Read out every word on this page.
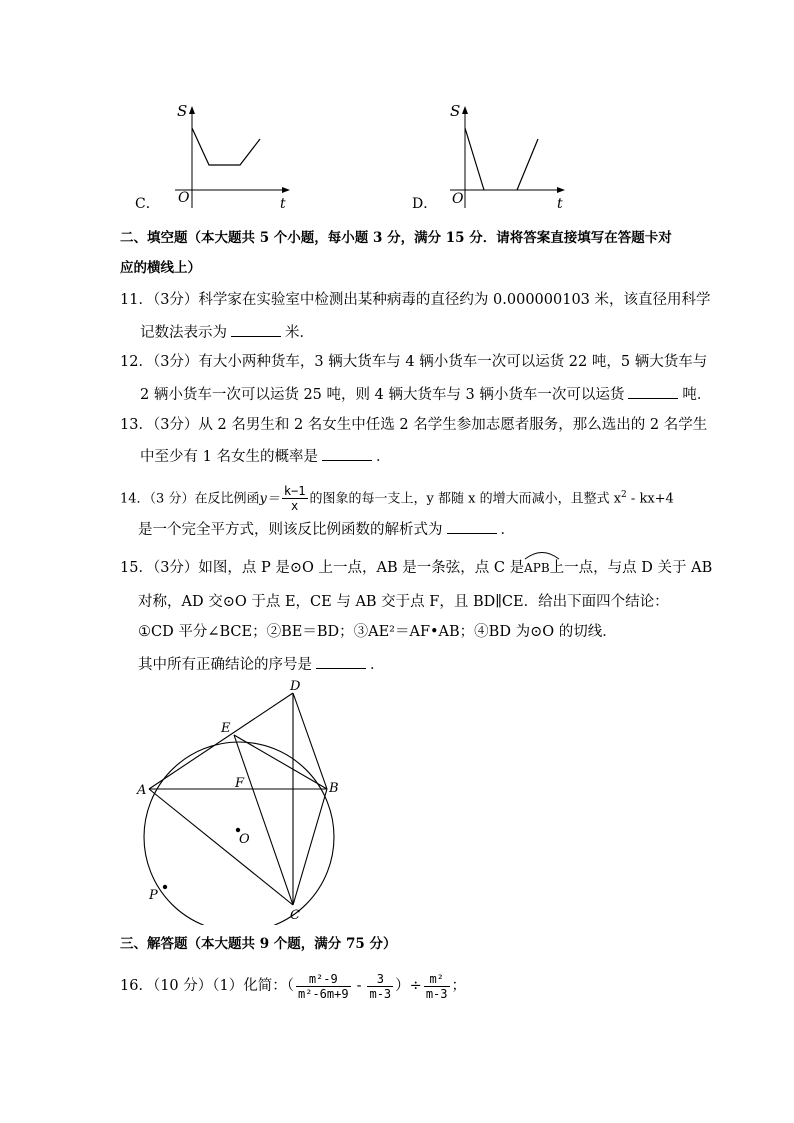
C．
S
O	t	D．
S
O	t
二、填空题（本大题共 5 个小题，每小题 3 分，满分 15 分．请将答案直接填写在答题卡对
应的横线上）
11．（3分）科学家在实验室中检测出某种病毒的直径约为 0.000000103 米，该直径用科学
记数法表示为	米．
12．（3分）有大小两种货车，3 辆大货车与 4 辆小货车一次可以运货 22 吨，5 辆大货车与
2 辆小货车一次可以运货 25 吨，则 4 辆大货车与 3 辆小货车一次可以运货	吨．
13．（3分）从 2 名男生和 2 名女生中任选 2 名学生参加志愿者服务，那么选出的 2 名学生
中至少有 1 名女生的概率是	．
14．（3 分）在反比例函$y= \frac{k-1}{x}$ 的图象的每一支上，y 都随 x 的增大而减小，且整式 $x^2 - kx+4$
是一个完全平方式，则该反比例函数的解析式为	．
15．（3分）如图，点 P 是⊙O 上一点，AB 是一条弦，点 C 是
APB上一点，与点 D 关于 AB
对称，AD 交⊙O 于点 E，CE 与 AB 交于点 F，且 BD∥CE．给出下面四个结论：
①CD 平分∠BCE；②BE＝BD；③AE²＝AF•AB；④BD 为⊙O 的切线．
其中所有正确结论的序号是	．
A	B
C
D
E
F
O
P
三、解答题（本大题共 9 个题，满分 75 分）
16．（10 分）（1）化简：（ $\frac{\text{m²-9}}{\text{m²-6m+9}} - \frac{3}{m-3}$ ）÷ $\frac{\text{m²}}{m-3}$ ；
